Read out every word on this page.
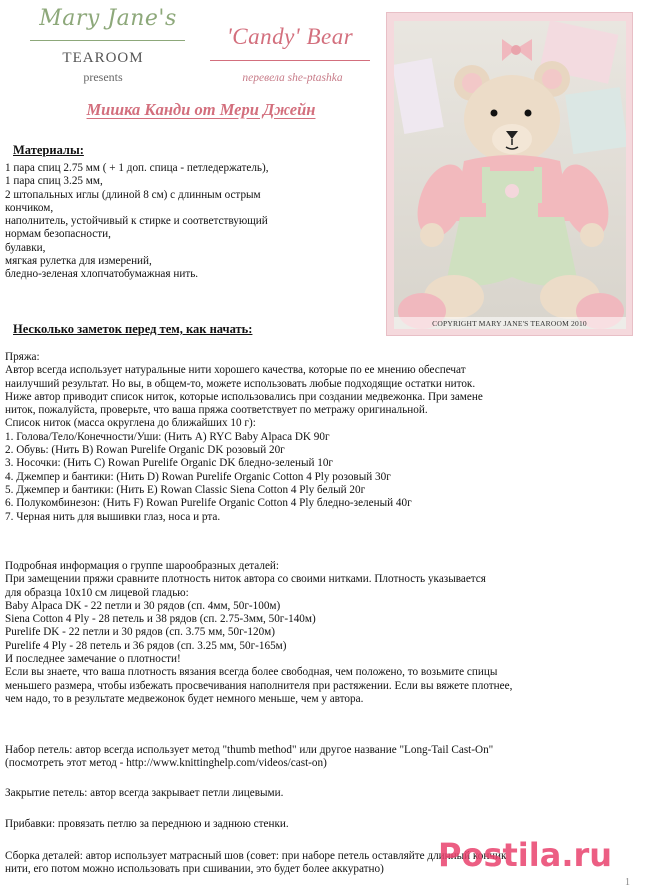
Mary Jane's
TEAROOM
presents
'Candy' Bear
перевела she-ptashka
Мишка Канди от Мери Джейн
COPYRIGHT MARY JANE'S TEAROOM 2010
Материалы:
1 пара спиц 2.75 мм ( + 1 доп. спица - петледержатель),
1 пара спиц 3.25 мм,
2 штопальных иглы (длиной 8 см) с длинным острым
кончиком,
наполнитель, устойчивый к стирке и соответствующий
нормам безопасности,
булавки,
мягкая рулетка для измерений,
бледно-зеленая хлопчатобумажная нить.
Несколько заметок перед тем, как начать:
Пряжа:
Автор всегда использует натуральные нити хорошего качества, которые по ее мнению обеспечат
наилучший результат. Но вы, в общем-то, можете использовать любые подходящие остатки ниток.
Ниже автор приводит список ниток, которые использовались при создании медвежонка. При замене
ниток, пожалуйста, проверьте, что ваша пряжа соответствует по метражу оригинальной.
Список ниток (масса округлена до ближайших 10 г):
1. Голова/Тело/Конечности/Уши: (Нить А) RYC Baby Alpaca DK 90г
2. Обувь: (Нить B) Rowan Purelife Organic DK розовый 20г
3. Носочки: (Нить C) Rowan Purelife Organic DK бледно-зеленый 10г
4. Джемпер и бантики: (Нить D) Rowan Purelife Organic Cotton 4 Ply розовый 30г
5. Джемпер и бантики: (Нить E) Rowan Classic Siena Cotton 4 Ply белый 20г
6. Полукомбинезон: (Нить F) Rowan Purelife Organic Cotton 4 Ply бледно-зеленый 40г
7. Черная нить для вышивки глаз, носа и рта.
Подробная информация о группе шарообразных деталей:
При замещении пряжи сравните плотность ниток автора со своими нитками. Плотность указывается
для образца 10х10 см лицевой гладью:
Baby Alpaca DK - 22 петли и 30 рядов (сп. 4мм, 50г-100м)
Siena Cotton 4 Ply - 28 петель и 38 рядов (сп. 2.75-3мм, 50г-140м)
Purelife DK - 22 петли и 30 рядов (сп. 3.75 мм, 50г-120м)
Purelife 4 Ply - 28 петель и 36 рядов (сп. 3.25 мм, 50г-165м)
И последнее замечание о плотности!
Если вы знаете, что ваша плотность вязания всегда более свободная, чем положено, то возьмите спицы
меньшего размера, чтобы избежать просвечивания наполнителя при растяжении. Если вы вяжете плотнее,
чем надо, то в результате медвежонок будет немного меньше, чем у автора.
Набор петель: автор всегда использует метод "thumb method" или другое название "Long-Tail Cast-On"
(посмотреть этот метод - http://www.knittinghelp.com/videos/cast-on)
Закрытие петель: автор всегда закрывает петли лицевыми.
Прибавки: провязать петлю за переднюю и заднюю стенки.
Сборка деталей: автор использует матрасный шов (совет: при наборе петель оставляйте длинный кончик
нити, его потом можно использовать при сшивании, это будет более аккуратно)	Postila.ru
1
